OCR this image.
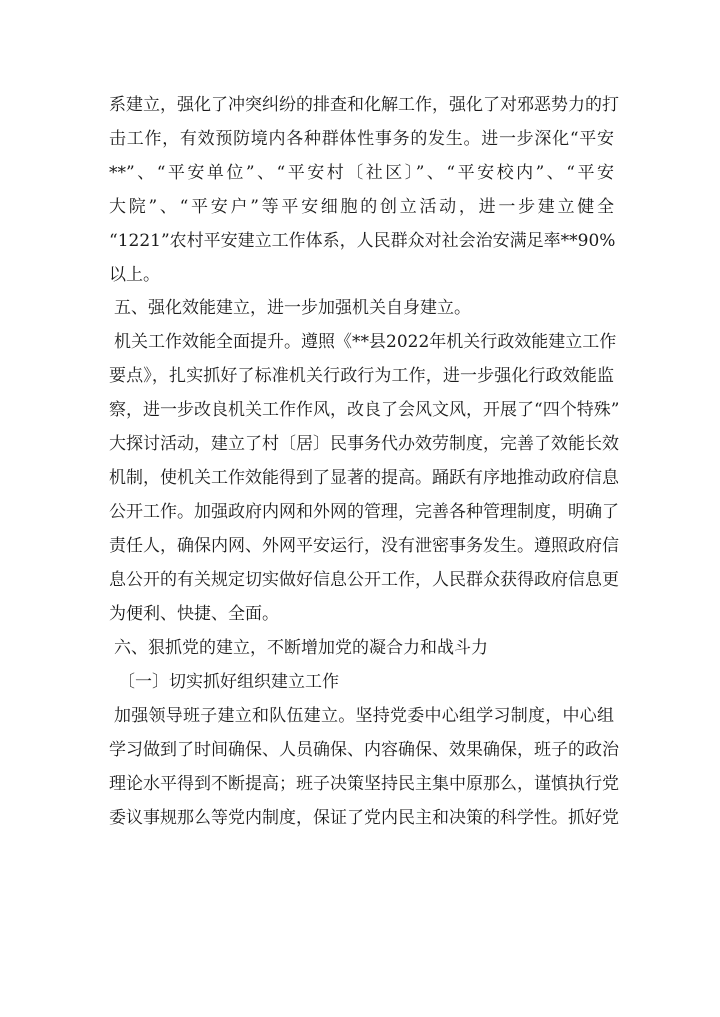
系建立，强化了冲突纠纷的排查和化解工作，强化了对邪恶势力的打
击工作，有效预防境内各种群体性事务的发生。进一步深化“平安
**”、“平安单位”、“平安村〔社区〕”、“平安校内”、“平安
大院”、“平安户”等平安细胞的创立活动，进一步建立健全
“1221”农村平安建立工作体系，人民群众对社会治安满足率**90%
以上。
五、强化效能建立，进一步加强机关自身建立。
机关工作效能全面提升。遵照《**县2022年机关行政效能建立工作
要点》，扎实抓好了标准机关行政行为工作，进一步强化行政效能监
察，进一步改良机关工作作风，改良了会风文风，开展了“四个特殊”
大探讨活动，建立了村〔居〕民事务代办效劳制度，完善了效能长效
机制，使机关工作效能得到了显著的提高。踊跃有序地推动政府信息
公开工作。加强政府内网和外网的管理，完善各种管理制度，明确了
责任人，确保内网、外网平安运行，没有泄密事务发生。遵照政府信
息公开的有关规定切实做好信息公开工作，人民群众获得政府信息更
为便利、快捷、全面。
六、狠抓党的建立，不断增加党的凝合力和战斗力
〔一〕切实抓好组织建立工作
加强领导班子建立和队伍建立。坚持党委中心组学习制度，中心组
学习做到了时间确保、人员确保、内容确保、效果确保，班子的政治
理论水平得到不断提高；班子决策坚持民主集中原那么，谨慎执行党
委议事规那么等党内制度，保证了党内民主和决策的科学性。抓好党
